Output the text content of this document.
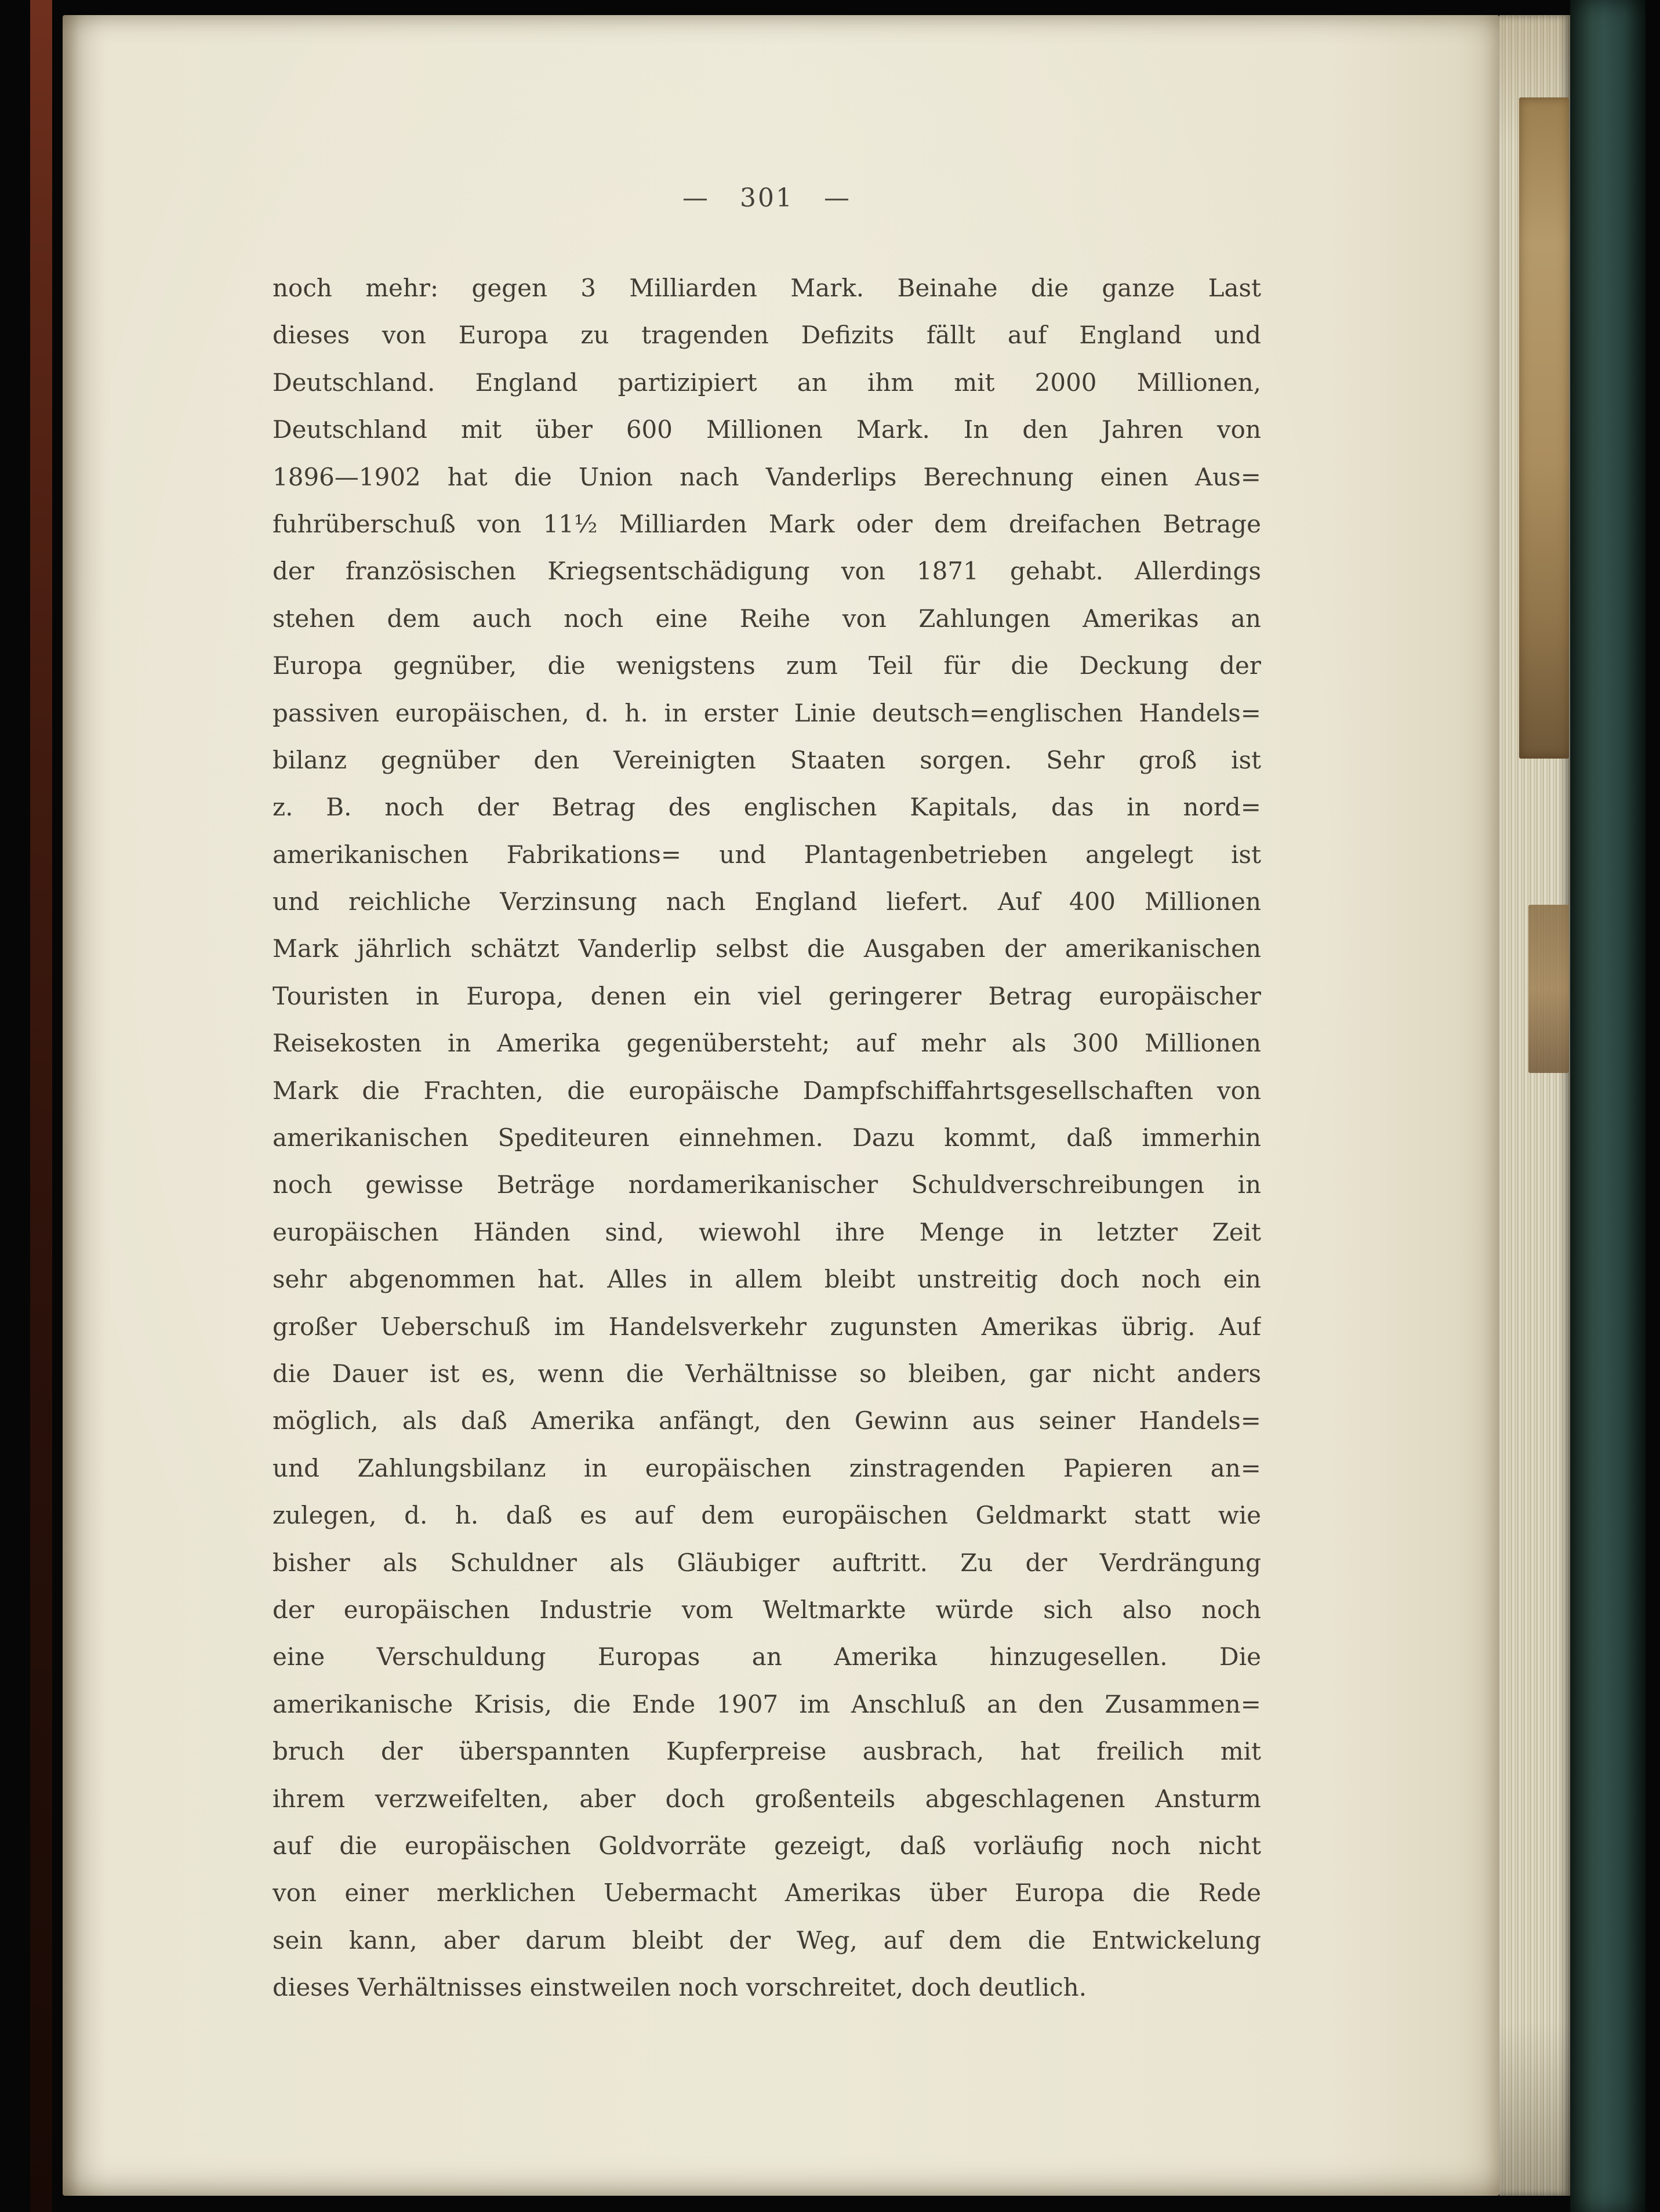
— 301 —
noch mehr: gegen 3 Milliarden Mark. Beinahe die ganze Last
dieses von Europa zu tragenden Defizits fällt auf England und
Deutschland. England partizipiert an ihm mit 2000 Millionen,
Deutschland mit über 600 Millionen Mark. In den Jahren von
1896—1902 hat die Union nach Vanderlips Berechnung einen Aus=
fuhrüberschuß von 11½ Milliarden Mark oder dem dreifachen Betrage
der französischen Kriegsentschädigung von 1871 gehabt. Allerdings
stehen dem auch noch eine Reihe von Zahlungen Amerikas an
Europa gegnüber, die wenigstens zum Teil für die Deckung der
passiven europäischen, d. h. in erster Linie deutsch=englischen Handels=
bilanz gegnüber den Vereinigten Staaten sorgen. Sehr groß ist
z. B. noch der Betrag des englischen Kapitals, das in nord=
amerikanischen Fabrikations= und Plantagenbetrieben angelegt ist
und reichliche Verzinsung nach England liefert. Auf 400 Millionen
Mark jährlich schätzt Vanderlip selbst die Ausgaben der amerikanischen
Touristen in Europa, denen ein viel geringerer Betrag europäischer
Reisekosten in Amerika gegenübersteht; auf mehr als 300 Millionen
Mark die Frachten, die europäische Dampfschiffahrtsgesellschaften von
amerikanischen Spediteuren einnehmen. Dazu kommt, daß immerhin
noch gewisse Beträge nordamerikanischer Schuldverschreibungen in
europäischen Händen sind, wiewohl ihre Menge in letzter Zeit
sehr abgenommen hat. Alles in allem bleibt unstreitig doch noch ein
großer Ueberschuß im Handelsverkehr zugunsten Amerikas übrig. Auf
die Dauer ist es, wenn die Verhältnisse so bleiben, gar nicht anders
möglich, als daß Amerika anfängt, den Gewinn aus seiner Handels=
und Zahlungsbilanz in europäischen zinstragenden Papieren an=
zulegen, d. h. daß es auf dem europäischen Geldmarkt statt wie
bisher als Schuldner als Gläubiger auftritt. Zu der Verdrängung
der europäischen Industrie vom Weltmarkte würde sich also noch
eine Verschuldung Europas an Amerika hinzugesellen. Die
amerikanische Krisis, die Ende 1907 im Anschluß an den Zusammen=
bruch der überspannten Kupferpreise ausbrach, hat freilich mit
ihrem verzweifelten, aber doch großenteils abgeschlagenen Ansturm
auf die europäischen Goldvorräte gezeigt, daß vorläufig noch nicht
von einer merklichen Uebermacht Amerikas über Europa die Rede
sein kann, aber darum bleibt der Weg, auf dem die Entwickelung
dieses Verhältnisses einstweilen noch vorschreitet, doch deutlich.
